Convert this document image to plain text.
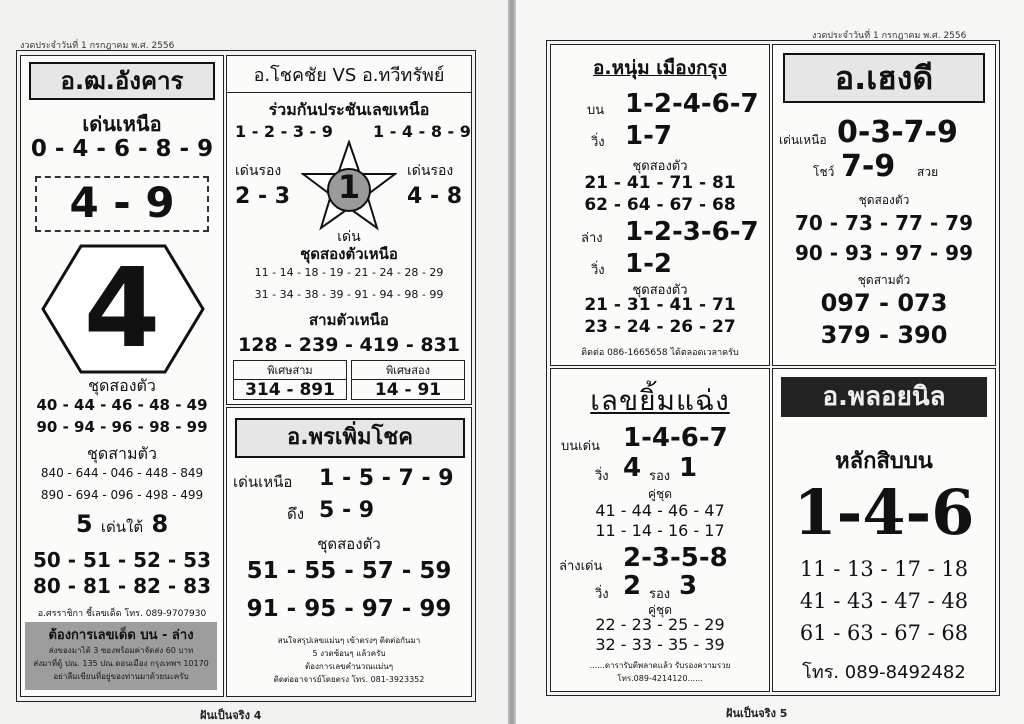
งวดประจำวันที่ 1 กรกฎาคม พ.ศ. 2556
อ.ฒ.อังคาร
เด่นเหนือ
0 - 4 - 6 - 8 - 9
4 - 9
4
ชุดสองตัว
40 - 44 - 46 - 48 - 49
90 - 94 - 96 - 98 - 99
ชุดสามตัว
840 - 644 - 046 - 448 - 849
890 - 694 - 096 - 498 - 499
5 เด่นใต้ 8
50 - 51 - 52 - 53
80 - 81 - 82 - 83
อ.ศรราชิกา ชี้เลขเด็ด โทร. 089-9707930
ต้องการเลขเด็ด บน - ล่าง
ส่งของมาได้ 3 ซองพร้อมค่าจัดส่ง 60 บาท
ส่งมาที่ตู้ ปณ. 135 ปณ.ดอนเมือง กรุงเทพฯ 10170
อย่าลืมเขียนที่อยู่ของท่านมาด้วยนะครับ
อ.โชคชัย VS อ.ทวีทรัพย์
ร่วมกันประชันเลขเหนือ
1 - 2 - 3 - 9	1 - 4 - 8 - 9
1
เด่น
เด่นรอง
2 - 3
เด่นรอง
4 - 8
ชุดสองตัวเหนือ
11 - 14 - 18 - 19 - 21 - 24 - 28 - 29
31 - 34 - 38 - 39 - 91 - 94 - 98 - 99
สามตัวเหนือ
128 - 239 - 419 - 831
พิเศษสาม
314 - 891
พิเศษสอง
14 - 91
อ.พรเพิ่มโชค
เด่นเหนือ 1 - 5 - 7 - 9
ดึง 5 - 9
ชุดสองตัว
51 - 55 - 57 - 59
91 - 95 - 97 - 99
สนใจสรุปเลขแม่นๆ เข้าตรงๆ ติดต่อกันมา
5 งวดซ้อนๆ แล้วครับ
ต้องการเลขคำนวณแม่นๆ
ติดต่ออาจารย์โดยตรง โทร. 081-3923352
ฝันเป็นจริง 4
งวดประจำวันที่ 1 กรกฎาคม พ.ศ. 2556
อ.หนุ่ม เมืองกรุง
บน 1-2-4-6-7
วิ่ง 1-7
ชุดสองตัว
21 - 41 - 71 - 81
62 - 64 - 67 - 68
ล่าง 1-2-3-6-7
วิ่ง 1-2
ชุดสองตัว
21 - 31 - 41 - 71
23 - 24 - 26 - 27
ติดต่อ 086-1665658 ได้ตลอดเวลาครับ
อ.เฮงดี
เด่นเหนือ 0-3-7-9
โชว์ 7-9 สวย
ชุดสองตัว
70 - 73 - 77 - 79
90 - 93 - 97 - 99
ชุดสามตัว
097 - 073
379 - 390
เลขยิ้มแฉ่ง
บนเด่น 1-4-6-7
วิ่ง 4 รอง 1
คู่ชุด
41 - 44 - 46 - 47
11 - 14 - 16 - 17
ล่างเด่น 2-3-5-8
วิ่ง 2 รอง 3
คู่ชุด
22 - 23 - 25 - 29
32 - 33 - 35 - 39
......ดารารับตีพลาดแล้ว รับรองความรวย
โทร.089-4214120......
อ.พลอยนิล
หลักสิบบน
1-4-6
11 - 13 - 17 - 18
41 - 43 - 47 - 48
61 - 63 - 67 - 68
โทร. 089-8492482
ฝันเป็นจริง 5
